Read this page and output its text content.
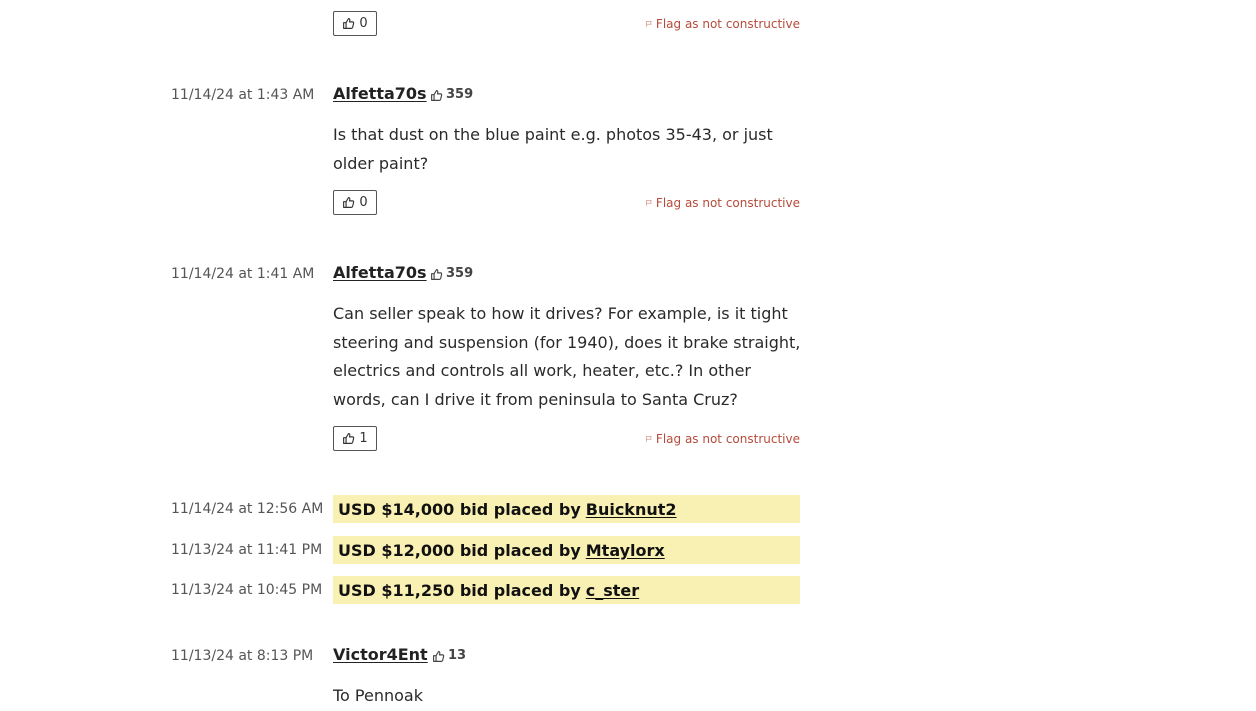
0	Flag as not constructive
11/14/24 at 1:43 AM	Alfetta70s 359
Is that dust on the blue paint e.g. photos 35-43, or just older paint?
0	Flag as not constructive
11/14/24 at 1:41 AM	Alfetta70s 359
Can seller speak to how it drives? For example, is it tight steering and suspension (for 1940), does it brake straight, electrics and controls all work, heater, etc.? In other words, can I drive it from peninsula to Santa Cruz?
1	Flag as not constructive
11/14/24 at 12:56 AM USD $14,000 bid placed by Buicknut2
11/13/24 at 11:41 PM USD $12,000 bid placed by Mtaylorx
11/13/24 at 10:45 PM USD $11,250 bid placed by c_ster
11/13/24 at 8:13 PM	Victor4Ent 13
To Pennoak
